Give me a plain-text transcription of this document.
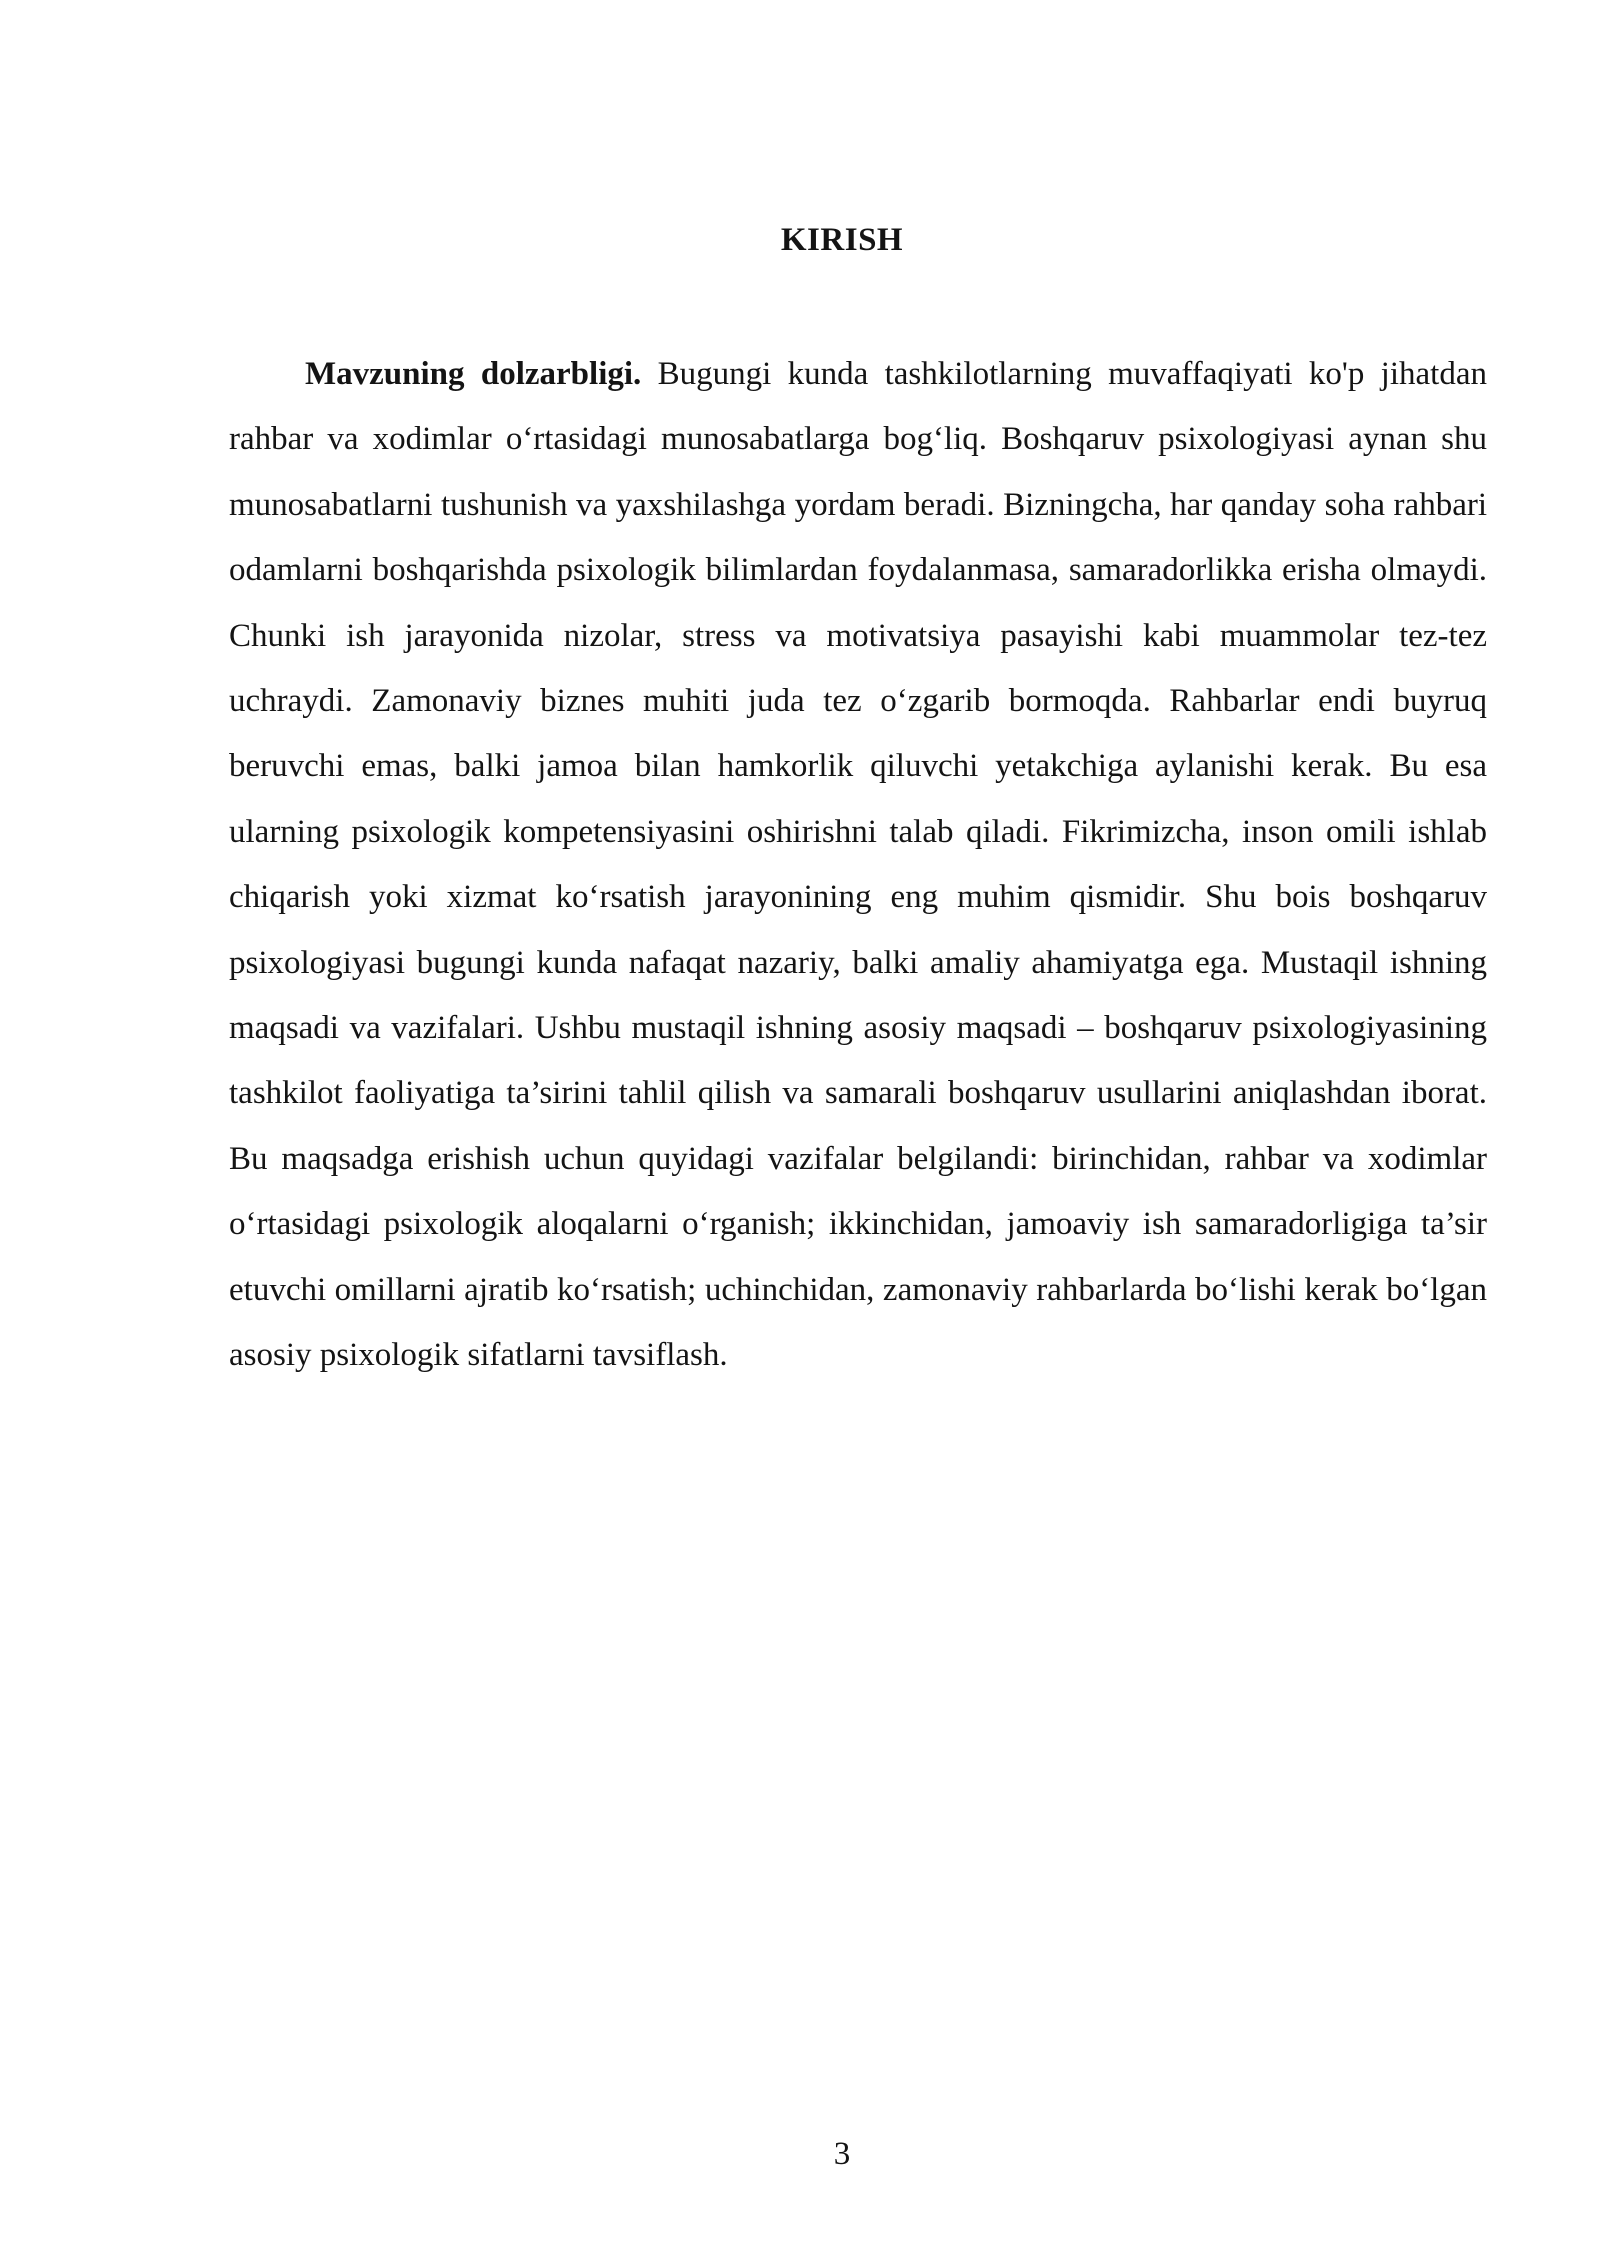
KIRISH

Mavzuning dolzarbligi. Bugungi kunda tashkilotlarning muvaffaqiyati ko'p jihatdan rahbar va xodimlar oʻrtasidagi munosabatlarga bogʻliq. Boshqaruv psixologiyasi aynan shu munosabatlarni tushunish va yaxshilashga yordam beradi. Bizningcha, har qanday soha rahbari odamlarni boshqarishda psixologik bilimlardan foydalanmasa, samaradorlikka erisha olmaydi. Chunki ish jarayonida nizolar, stress va motivatsiya pasayishi kabi muammolar tez-tez uchraydi. Zamonaviy biznes muhiti juda tez oʻzgarib bormoqda. Rahbarlar endi buyruq beruvchi emas, balki jamoa bilan hamkorlik qiluvchi yetakchiga aylanishi kerak. Bu esa ularning psixologik kompetensiyasini oshirishni talab qiladi. Fikrimizcha, inson omili ishlab chiqarish yoki xizmat koʻrsatish jarayonining eng muhim qismidir. Shu bois boshqaruv psixologiyasi bugungi kunda nafaqat nazariy, balki amaliy ahamiyatga ega. Mustaqil ishning maqsadi va vazifalari. Ushbu mustaqil ishning asosiy maqsadi – boshqaruv psixologiyasining tashkilot faoliyatiga ta’sirini tahlil qilish va samarali boshqaruv usullarini aniqlashdan iborat. Bu maqsadga erishish uchun quyidagi vazifalar belgilandi: birinchidan, rahbar va xodimlar oʻrtasidagi psixologik aloqalarni oʻrganish; ikkinchidan, jamoaviy ish samaradorligiga ta’sir etuvchi omillarni ajratib koʻrsatish; uchinchidan, zamonaviy rahbarlarda boʻlishi kerak boʻlgan asosiy psixologik sifatlarni tavsiflash.

3
